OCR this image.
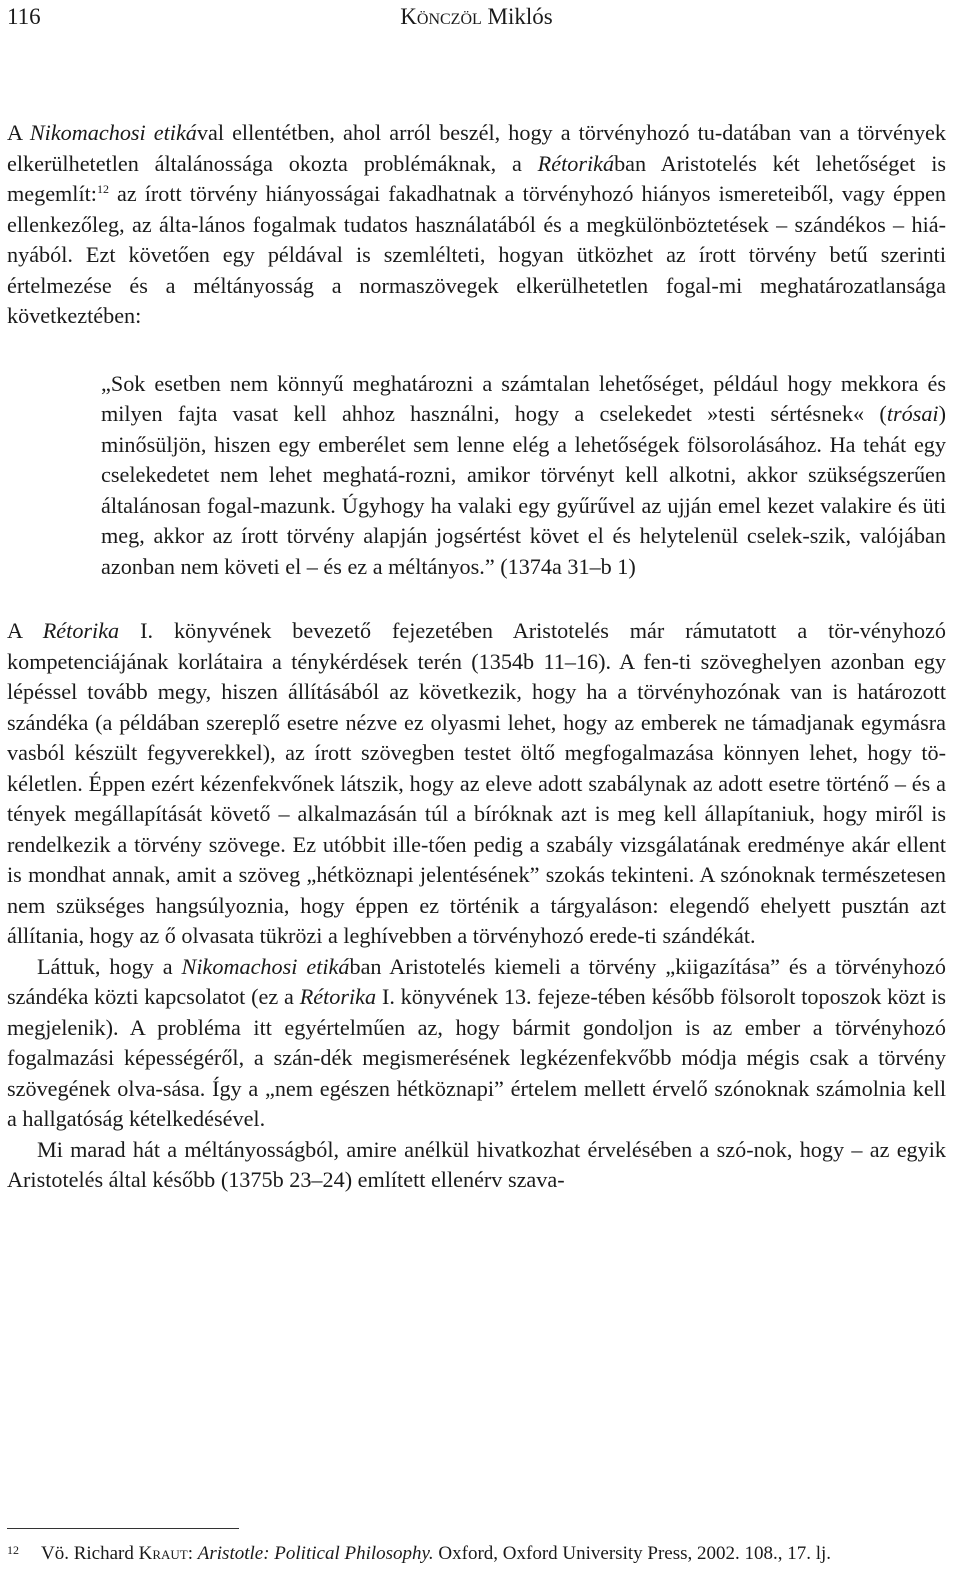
116	Könczöl Miklós

A Nikomachosi etikával ellentétben, ahol arról beszél, hogy a törvényhozó tu-datában van a törvények elkerülhetetlen általánossága okozta problémáknak, a Rétorikában Aristotelés két lehetőséget is megemlít:$^{12}$ az írott törvény hiányosságai fakadhatnak a törvényhozó hiányos ismereteiből, vagy éppen ellenkezőleg, az álta-lános fogalmak tudatos használatából és a megkülönböztetések – szándékos – hiá-nyából. Ezt követően egy példával is szemlélteti, hogyan ütközhet az írott törvény betű szerinti értelmezése és a méltányosság a normaszövegek elkerülhetetlen fogal-mi meghatározatlansága következtében:

„Sok esetben nem könnyű meghatározni a számtalan lehetőséget, például hogy mekkora és milyen fajta vasat kell ahhoz használni, hogy a cselekedet »testi sértésnek« (trósai) minősüljön, hiszen egy emberélet sem lenne elég a lehetőségek fölsorolásához. Ha tehát egy cselekedetet nem lehet meghatá-rozni, amikor törvényt kell alkotni, akkor szükségszerűen általánosan fogal-mazunk. Úgyhogy ha valaki egy gyűrűvel az ujján emel kezet valakire és üti meg, akkor az írott törvény alapján jogsértést követ el és helytelenül cselek-szik, valójában azonban nem követi el – és ez a méltányos.” (1374a 31–b 1)

A Rétorika I. könyvének bevezető fejezetében Aristotelés már rámutatott a tör-vényhozó kompetenciájának korlátaira a ténykérdések terén (1354b 11–16). A fen-ti szöveghelyen azonban egy lépéssel tovább megy, hiszen állításából az következik, hogy ha a törvényhozónak van is határozott szándéka (a példában szereplő esetre nézve ez olyasmi lehet, hogy az emberek ne támadjanak egymásra vasból készült fegyverekkel), az írott szövegben testet öltő megfogalmazása könnyen lehet, hogy tö-kéletlen. Éppen ezért kézenfekvőnek látszik, hogy az eleve adott szabálynak az adott esetre történő – és a tények megállapítását követő – alkalmazásán túl a bíróknak azt is meg kell állapítaniuk, hogy miről is rendelkezik a törvény szövege. Ez utóbbit ille-tően pedig a szabály vizsgálatának eredménye akár ellent is mondhat annak, amit a szöveg „hétköznapi jelentésének” szokás tekinteni. A szónoknak természetesen nem szükséges hangsúlyoznia, hogy éppen ez történik a tárgyaláson: elegendő ehelyett pusztán azt állítania, hogy az ő olvasata tükrözi a leghívebben a törvényhozó erede-ti szándékát.

Láttuk, hogy a Nikomachosi etikában Aristotelés kiemeli a törvény „kiigazítása” és a törvényhozó szándéka közti kapcsolatot (ez a Rétorika I. könyvének 13. fejeze-tében később fölsorolt toposzok közt is megjelenik). A probléma itt egyértelműen az, hogy bármit gondoljon is az ember a törvényhozó fogalmazási képességéről, a szán-dék megismerésének legkézenfekvőbb módja mégis csak a törvény szövegének olva-sása. Így a „nem egészen hétköznapi” értelem mellett érvelő szónoknak számolnia kell a hallgatóság kételkedésével.

Mi marad hát a méltányosságból, amire anélkül hivatkozhat érvelésében a szó-nok, hogy – az egyik Aristotelés által később (1375b 23–24) említett ellenérv szava-

12 Vö. Richard Kraut: Aristotle: Political Philosophy. Oxford, Oxford University Press, 2002. 108., 17. lj.
